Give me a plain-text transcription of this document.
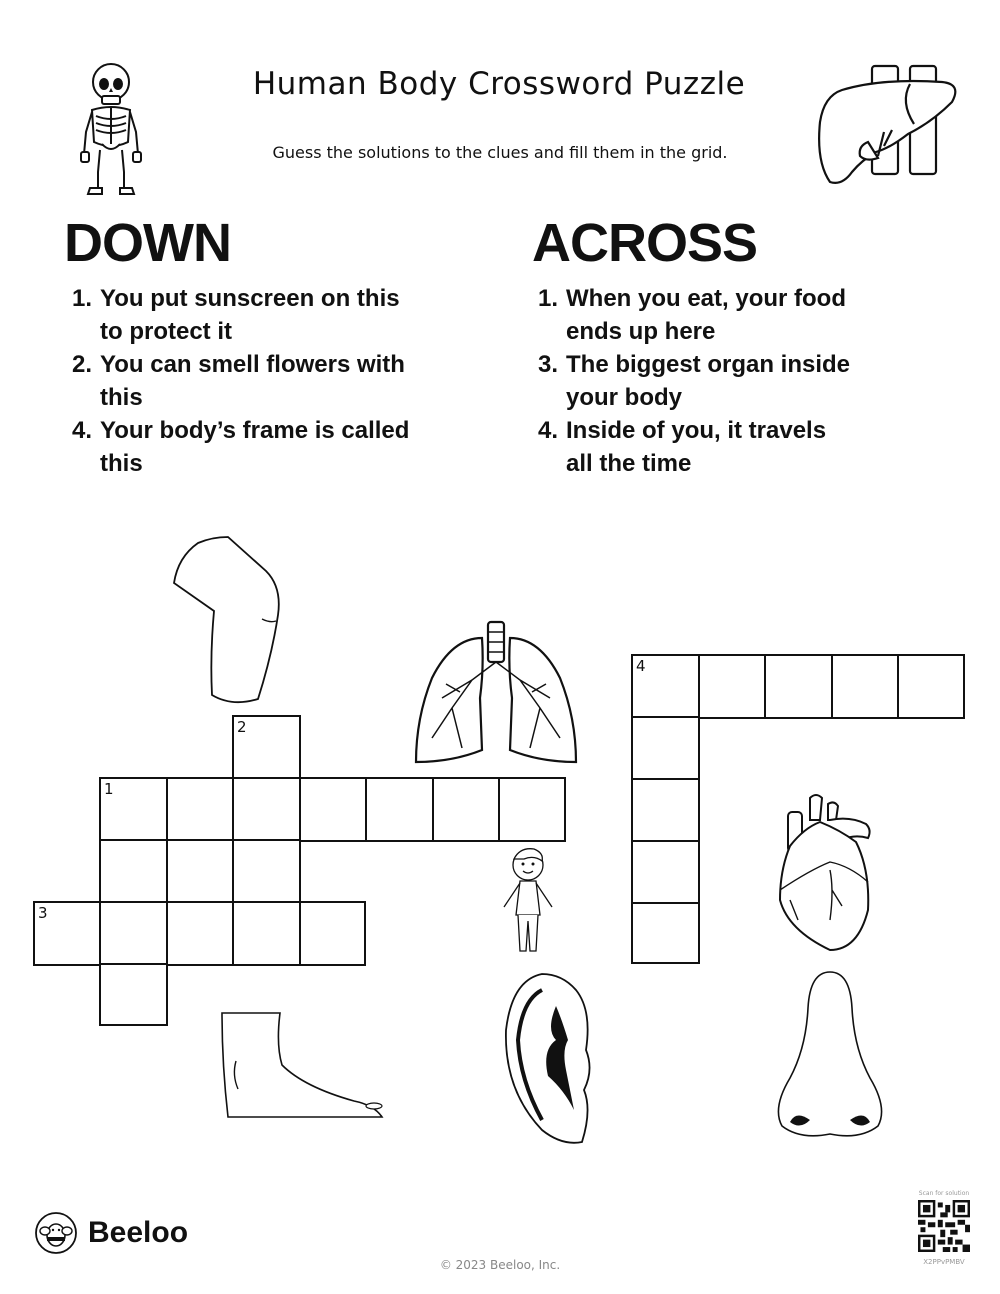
Human Body Crossword Puzzle
Guess the solutions to the clues and fill them in the grid.
DOWN
1. You put sunscreen on this
to protect it
2. You can smell flowers with
this
4. Your body’s frame is called
this
ACROSS
1. When you eat, your food
ends up here
3. The biggest organ inside
your body
4. Inside of you, it travels
all the time
2
1
3
4
Beeloo
© 2023 Beeloo, Inc.
Scan for solution
X2PPvPMBV
